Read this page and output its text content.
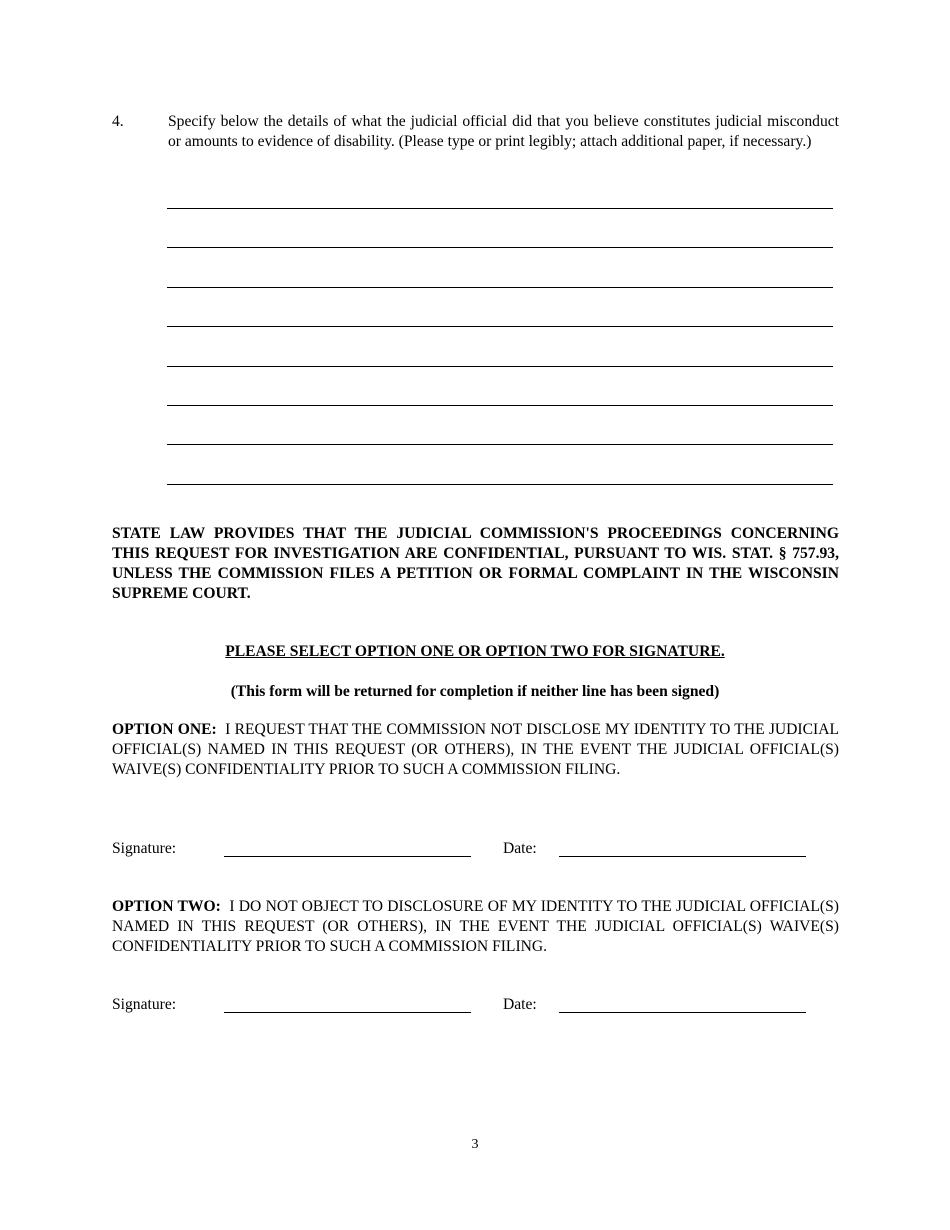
4.	Specify below the details of what the judicial official did that you believe constitutes judicial misconduct or amounts to evidence of disability. (Please type or print legibly; attach additional paper, if necessary.)
STATE LAW PROVIDES THAT THE JUDICIAL COMMISSION'S PROCEEDINGS CONCERNING THIS REQUEST FOR INVESTIGATION ARE CONFIDENTIAL, PURSUANT TO WIS. STAT. § 757.93, UNLESS THE COMMISSION FILES A PETITION OR FORMAL COMPLAINT IN THE WISCONSIN SUPREME COURT.
PLEASE SELECT OPTION ONE OR OPTION TWO FOR SIGNATURE.
(This form will be returned for completion if neither line has been signed)
OPTION ONE: I REQUEST THAT THE COMMISSION NOT DISCLOSE MY IDENTITY TO THE JUDICIAL OFFICIAL(S) NAMED IN THIS REQUEST (OR OTHERS), IN THE EVENT THE JUDICIAL OFFICIAL(S) WAIVE(S) CONFIDENTIALITY PRIOR TO SUCH A COMMISSION FILING.
Signature:	Date:
OPTION TWO: I DO NOT OBJECT TO DISCLOSURE OF MY IDENTITY TO THE JUDICIAL OFFICIAL(S) NAMED IN THIS REQUEST (OR OTHERS), IN THE EVENT THE JUDICIAL OFFICIAL(S) WAIVE(S) CONFIDENTIALITY PRIOR TO SUCH A COMMISSION FILING.
Signature:	Date:
3
